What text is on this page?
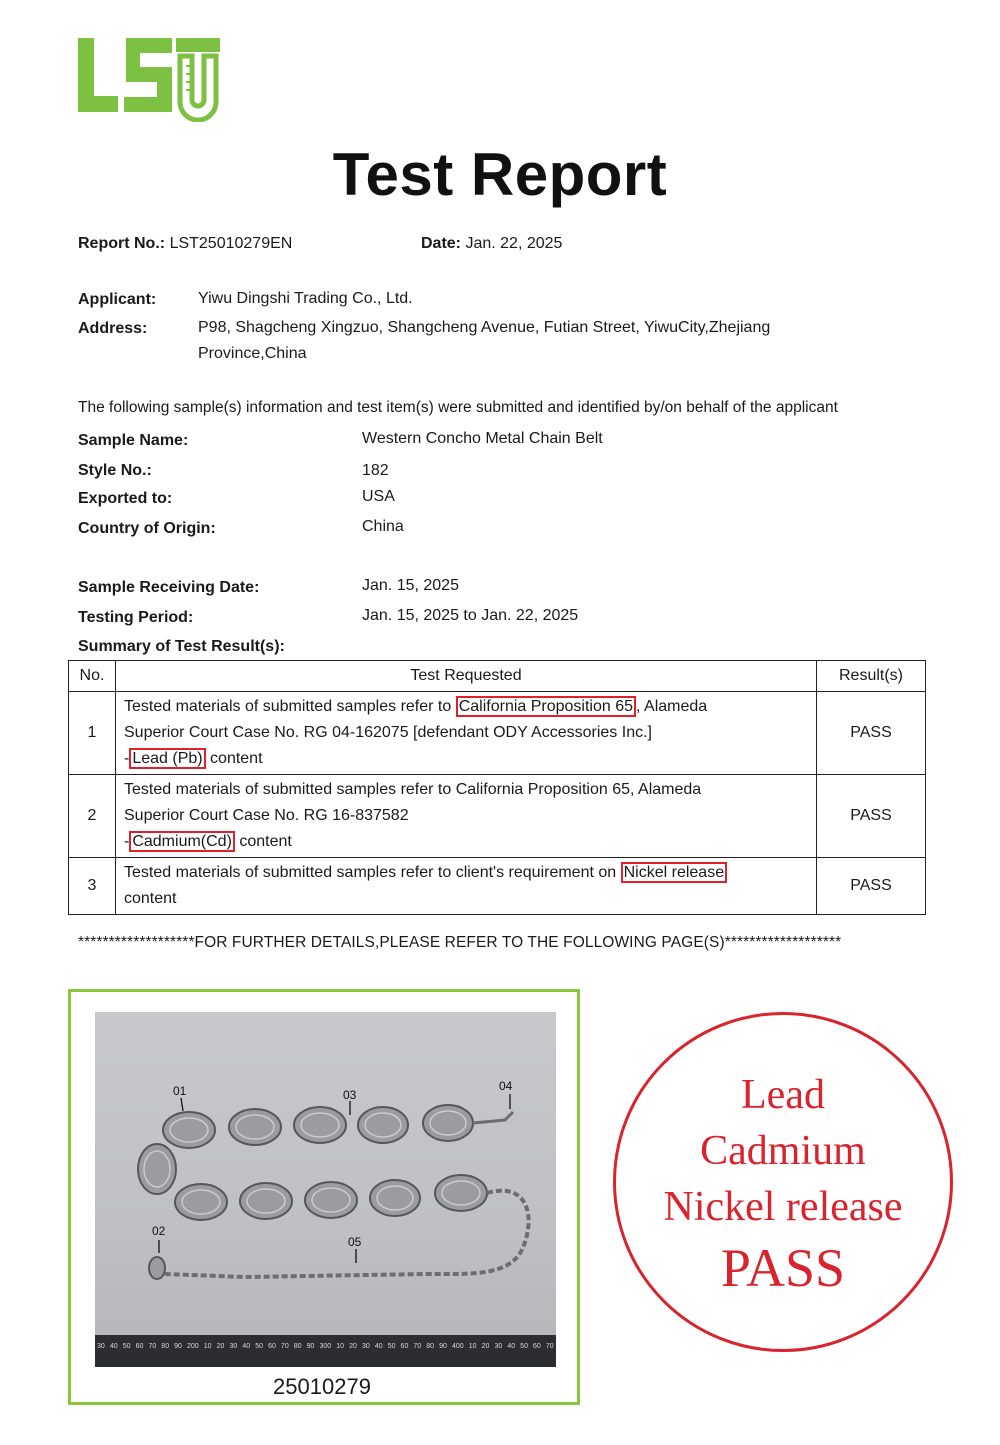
Test Report
Report No.: LST25010279EN	Date: Jan. 22, 2025
Applicant:	Yiwu Dingshi Trading Co., Ltd.
Address:	P98, Shagcheng Xingzuo, Shangcheng Avenue, Futian Street, YiwuCity,Zhejiang
Province,China
The following sample(s) information and test item(s) were submitted and identified by/on behalf of the applicant
Sample Name:	Western Concho Metal Chain Belt
Style No.:	182
Exported to:	USA
Country of Origin:	China
Sample Receiving Date:	Jan. 15, 2025
Testing Period:	Jan. 15, 2025 to Jan. 22, 2025
Summary of Test Result(s):
No.	Test Requested	Result(s)
1	Tested materials of submitted samples refer to California Proposition 65 , Alameda
Superior Court Case No. RG 04-162075 [defendant ODY Accessories Inc.]
- Lead (Pb) content	PASS
2	Tested materials of submitted samples refer to California Proposition 65, Alameda
Superior Court Case No. RG 16-837582
- Cadmium(Cd) content	PASS
3	Tested materials of submitted samples refer to client's requirement on Nickel release
content	PASS
*******************FOR FURTHER DETAILS,PLEASE REFER TO THE FOLLOWING PAGE(S)*******************
01
02
03
04
05
30 40 50 60 70 80 90 200 10 20 30 40 50 60 70 80 90 300 10 20 30 40 50 60 70 80 90 400 10 20 30 40 50 60 70
25010279
Lead
Cadmium
Nickel release
PASS
